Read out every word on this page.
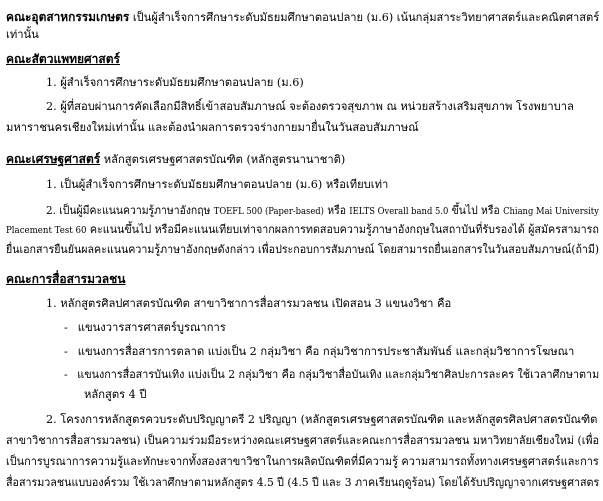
คณะอุตสาหกรรมเกษตร เป็นผู้สำเร็จการศึกษาระดับมัธยมศึกษาตอนปลาย (ม.6) เน้นกลุ่มสาระวิทยาศาสตร์และคณิตศาสตร์
เท่านั้น
คณะสัตวแพทยศาสตร์
1. ผู้สำเร็จการศึกษาระดับมัธยมศึกษาตอนปลาย (ม.6)
2. ผู้ที่สอบผ่านการคัดเลือกมีสิทธิ์เข้าสอบสัมภาษณ์ จะต้องตรวจสุขภาพ ณ หน่วยสร้างเสริมสุขภาพ โรงพยาบาล
มหาราชนครเชียงใหม่เท่านั้น และต้องนำผลการตรวจร่างกายมายื่นในวันสอบสัมภาษณ์
คณะเศรษฐศาสตร์ หลักสูตรเศรษฐศาสตรบัณฑิต (หลักสูตรนานาชาติ)
1. เป็นผู้สำเร็จการศึกษาระดับมัธยมศึกษาตอนปลาย (ม.6) หรือเทียบเท่า
2. เป็นผู้มีคะแนนความรู้ภาษาอังกฤษ TOEFL 500 (Paper-based) หรือ IELTS Overall band 5.0 ขึ้นไป หรือ Chiang Mai University
Placement Test 60 คะแนนขึ้นไป หรือมีคะแนนเทียบเท่าจากผลการทดสอบความรู้ภาษาอังกฤษในสถาบันที่รับรองได้ ผู้สมัครสามารถ
ยื่นเอกสารยืนยันผลคะแนนความรู้ภาษาอังกฤษดังกล่าว เพื่อประกอบการสัมภาษณ์ โดยสามารถยื่นเอกสารในวันสอบสัมภาษณ์(ถ้ามี)
คณะการสื่อสารมวลชน
1. หลักสูตรศิลปศาสตรบัณฑิต สาขาวิชาการสื่อสารมวลชน เปิดสอน 3 แขนงวิชา คือ
- แขนงวารสารศาสตร์บูรณาการ
- แขนงการสื่อสารการตลาด แบ่งเป็น 2 กลุ่มวิชา คือ กลุ่มวิชาการประชาสัมพันธ์ และกลุ่มวิชาการโฆษณา
- แขนงการสื่อสารบันเทิง แบ่งเป็น 2 กลุ่มวิชา คือ กลุ่มวิชาสื่อบันเทิง และกลุ่มวิชาศิลปะการละคร ใช้เวลาศึกษาตาม
หลักสูตร 4 ปี
2. โครงการหลักสูตรควบระดับปริญญาตรี 2 ปริญญา (หลักสูตรเศรษฐศาสตรบัณฑิต และหลักสูตรศิลปศาสตรบัณฑิต
สาขาวิชาการสื่อสารมวลชน) เป็นความร่วมมือระหว่างคณะเศรษฐศาสตร์และคณะการสื่อสารมวลชน มหาวิทยาลัยเชียงใหม่ (เพื่อ
เป็นการบูรณาการความรู้และทักษะจากทั้งสองสาขาวิชาในการผลิตบัณฑิตที่มีความรู้ ความสามารถทั้งทางเศรษฐศาสตร์และการ
สื่อสารมวลชนแบบองค์รวม ใช้เวลาศึกษาตามหลักสูตร 4.5 ปี (4.5 ปี และ 3 ภาคเรียนฤดูร้อน) โดยได้รับปริญญาจากเศรษฐศาสตร
